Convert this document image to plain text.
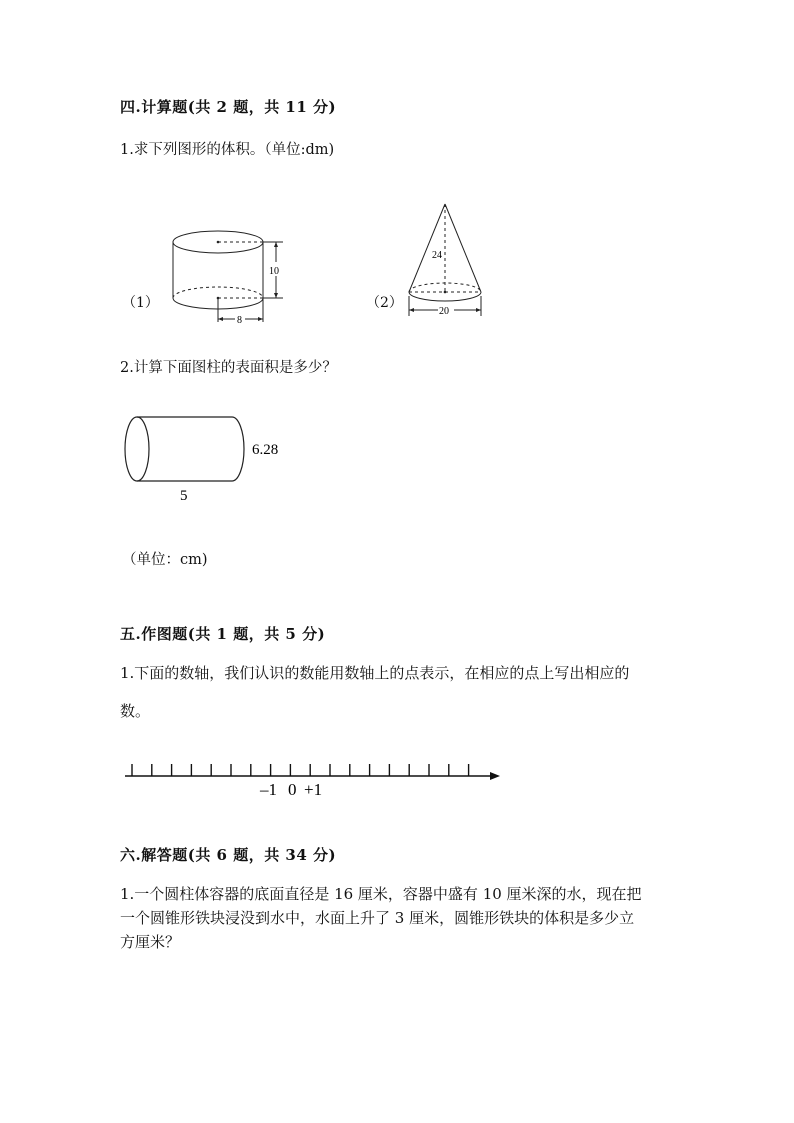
四.计算题(共 2 题，共 11 分)
1.求下列图形的体积。（单位:dm)
（1）
10
8
（2）
24
20
2.计算下面图柱的表面积是多少？
6.28
5
（单位：cm)
五.作图题(共 1 题，共 5 分)
1.下面的数轴，我们认识的数能用数轴上的点表示，在相应的点上写出相应的
数。
–1 0 +1
六.解答题(共 6 题，共 34 分)
1.一个圆柱体容器的底面直径是 16 厘米，容器中盛有 10 厘米深的水，现在把
一个圆锥形铁块浸没到水中，水面上升了 3 厘米，圆锥形铁块的体积是多少立
方厘米？
